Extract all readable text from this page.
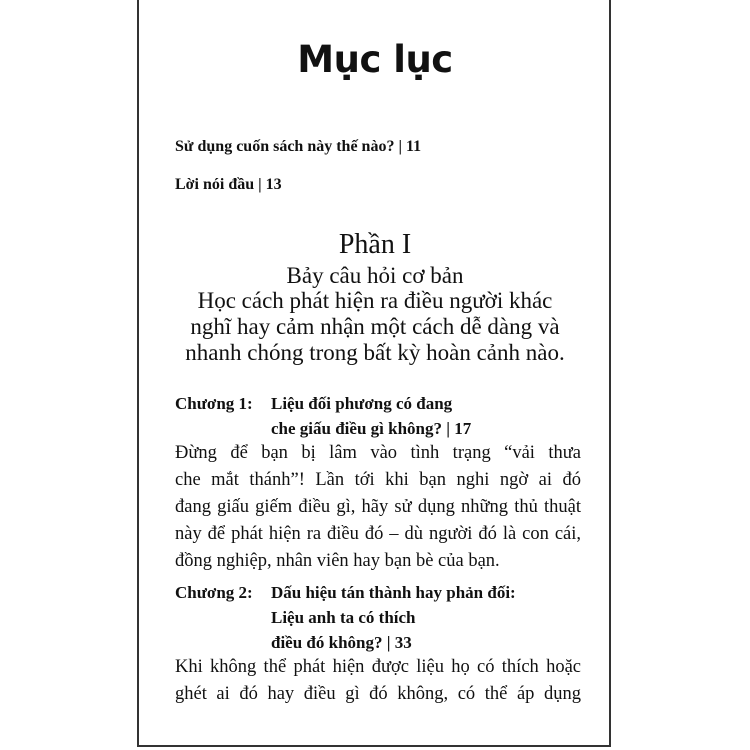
Mục lục
Sử dụng cuốn sách này thế nào? | 11
Lời nói đầu | 13
Phần I
Bảy câu hỏi cơ bản
Học cách phát hiện ra điều người khác
nghĩ hay cảm nhận một cách dễ dàng và
nhanh chóng trong bất kỳ hoàn cảnh nào.
Chương 1: Liệu đối phương có đang
che giấu điều gì không? | 17
Đừng để bạn bị lâm vào tình trạng “vải thưa
che mắt thánh”! Lần tới khi bạn nghi ngờ ai đó
đang giấu giếm điều gì, hãy sử dụng những thủ thuật
này để phát hiện ra điều đó – dù người đó là con cái,
đồng nghiệp, nhân viên hay bạn bè của bạn.
Chương 2: Dấu hiệu tán thành hay phản đối:
Liệu anh ta có thích
điều đó không? | 33
Khi không thể phát hiện được liệu họ có thích hoặc
ghét ai đó hay điều gì đó không, có thể áp dụng
